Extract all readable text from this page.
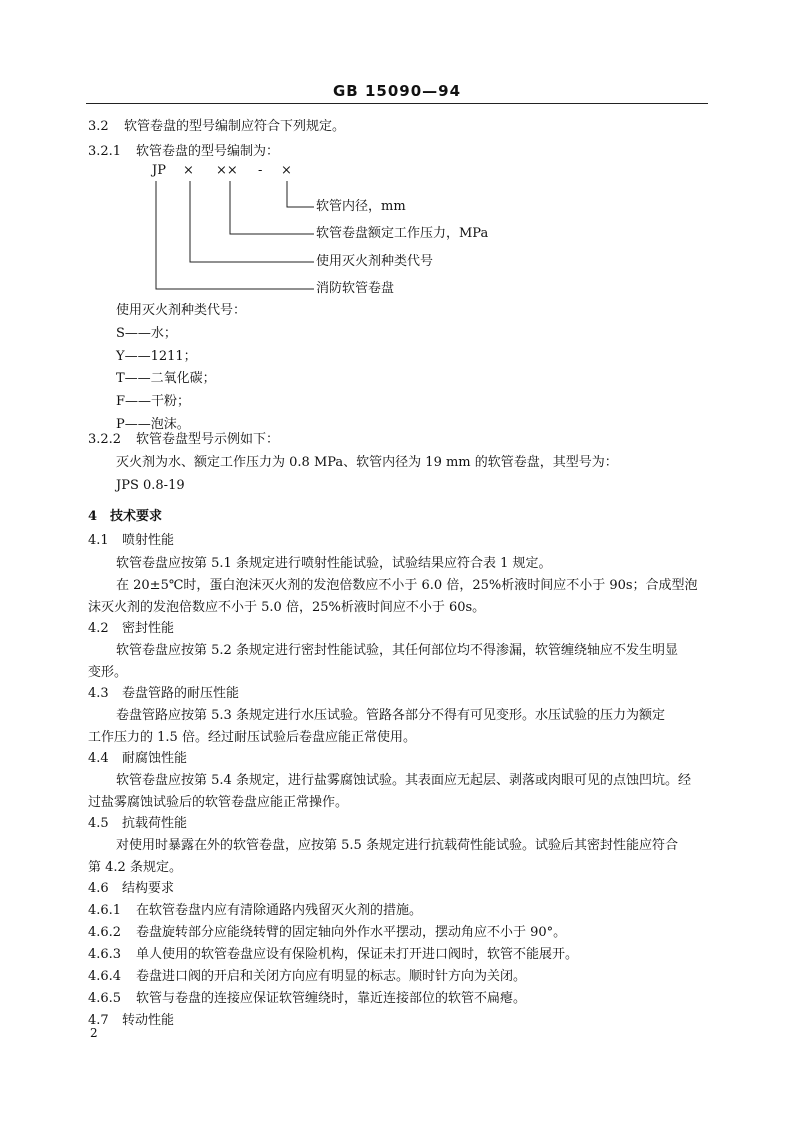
GB 15090—94
3.2 软管卷盘的型号编制应符合下列规定。
3.2.1 软管卷盘的型号编制为：
JP × ×× - ×
软管内径，mm
软管卷盘额定工作压力，MPa
使用灭火剂种类代号
消防软管卷盘
使用灭火剂种类代号：
S——水；
Y——1211；
T——二氧化碳；
F——干粉；
P——泡沫。
3.2.2 软管卷盘型号示例如下：
灭火剂为水、额定工作压力为 0.8 MPa、软管内径为 19 mm 的软管卷盘，其型号为：
JPS 0.8-19
4 技术要求
4.1 喷射性能
软管卷盘应按第 5.1 条规定进行喷射性能试验，试验结果应符合表 1 规定。
在 20±5℃时，蛋白泡沫灭火剂的发泡倍数应不小于 6.0 倍，25%析液时间应不小于 90s；合成型泡
沫灭火剂的发泡倍数应不小于 5.0 倍，25%析液时间应不小于 60s。
4.2 密封性能
软管卷盘应按第 5.2 条规定进行密封性能试验，其任何部位均不得渗漏，软管缠绕轴应不发生明显
变形。
4.3 卷盘管路的耐压性能
卷盘管路应按第 5.3 条规定进行水压试验。管路各部分不得有可见变形。水压试验的压力为额定
工作压力的 1.5 倍。经过耐压试验后卷盘应能正常使用。
4.4 耐腐蚀性能
软管卷盘应按第 5.4 条规定，进行盐雾腐蚀试验。其表面应无起层、剥落或肉眼可见的点蚀凹坑。经
过盐雾腐蚀试验后的软管卷盘应能正常操作。
4.5 抗载荷性能
对使用时暴露在外的软管卷盘，应按第 5.5 条规定进行抗载荷性能试验。试验后其密封性能应符合
第 4.2 条规定。
4.6 结构要求
4.6.1 在软管卷盘内应有清除通路内残留灭火剂的措施。
4.6.2 卷盘旋转部分应能绕转臂的固定轴向外作水平摆动，摆动角应不小于 90°。
4.6.3 单人使用的软管卷盘应设有保险机构，保证未打开进口阀时，软管不能展开。
4.6.4 卷盘进口阀的开启和关闭方向应有明显的标志。顺时针方向为关闭。
4.6.5 软管与卷盘的连接应保证软管缠绕时，靠近连接部位的软管不扁瘪。
4.7 转动性能
2
